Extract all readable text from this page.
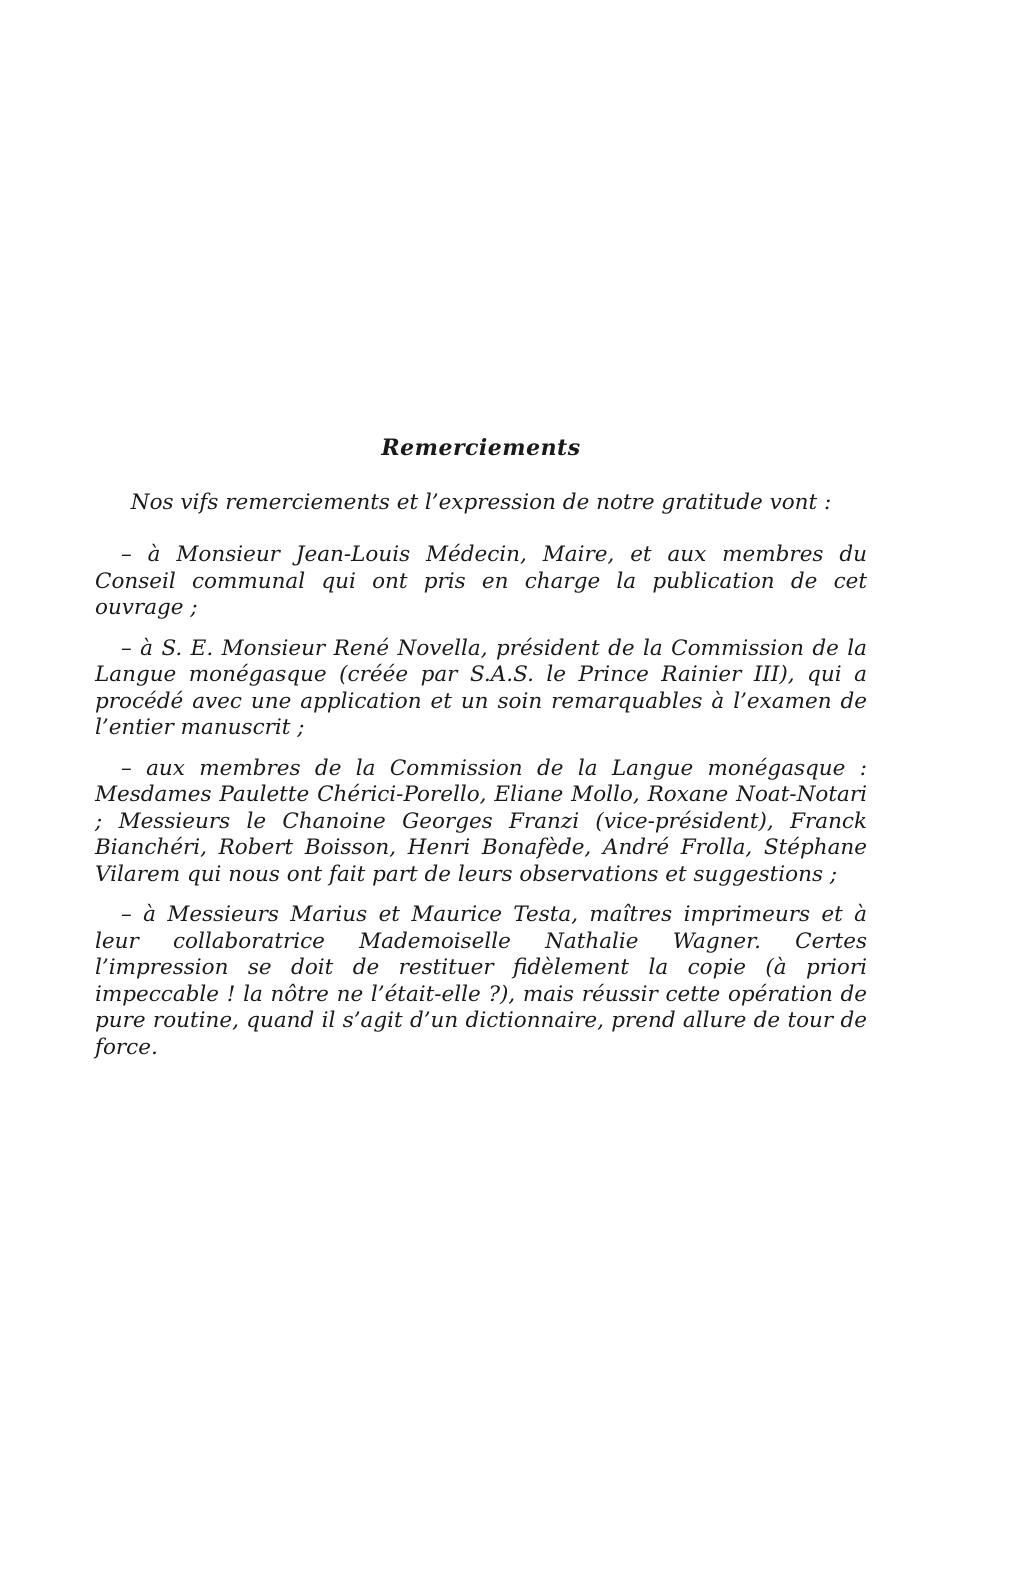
Remerciements
Nos vifs remerciements et l’expression de notre gratitude vont :

– à Monsieur Jean-Louis Médecin, Maire, et aux membres du Conseil communal qui ont pris en charge la publication de cet ouvrage ;

– à S. E. Monsieur René Novella, président de la Commission de la Langue monégasque (créée par S.A.S. le Prince Rainier III), qui a procédé avec une application et un soin remarquables à l’examen de l’entier manuscrit ;

– aux membres de la Commission de la Langue monégasque : Mesdames Paulette Chérici-Porello, Eliane Mollo, Roxane Noat-Notari ; Messieurs le Chanoine Georges Franzi (vice-président), Franck Bianchéri, Robert Boisson, Henri Bonafède, André Frolla, Stéphane Vilarem qui nous ont fait part de leurs observations et suggestions ;

– à Messieurs Marius et Maurice Testa, maîtres imprimeurs et à leur collaboratrice Mademoiselle Nathalie Wagner. Certes l’impression se doit de restituer fidèlement la copie (à priori impeccable ! la nôtre ne l’était-elle ?), mais réussir cette opération de pure routine, quand il s’agit d’un dictionnaire, prend allure de tour de force.
